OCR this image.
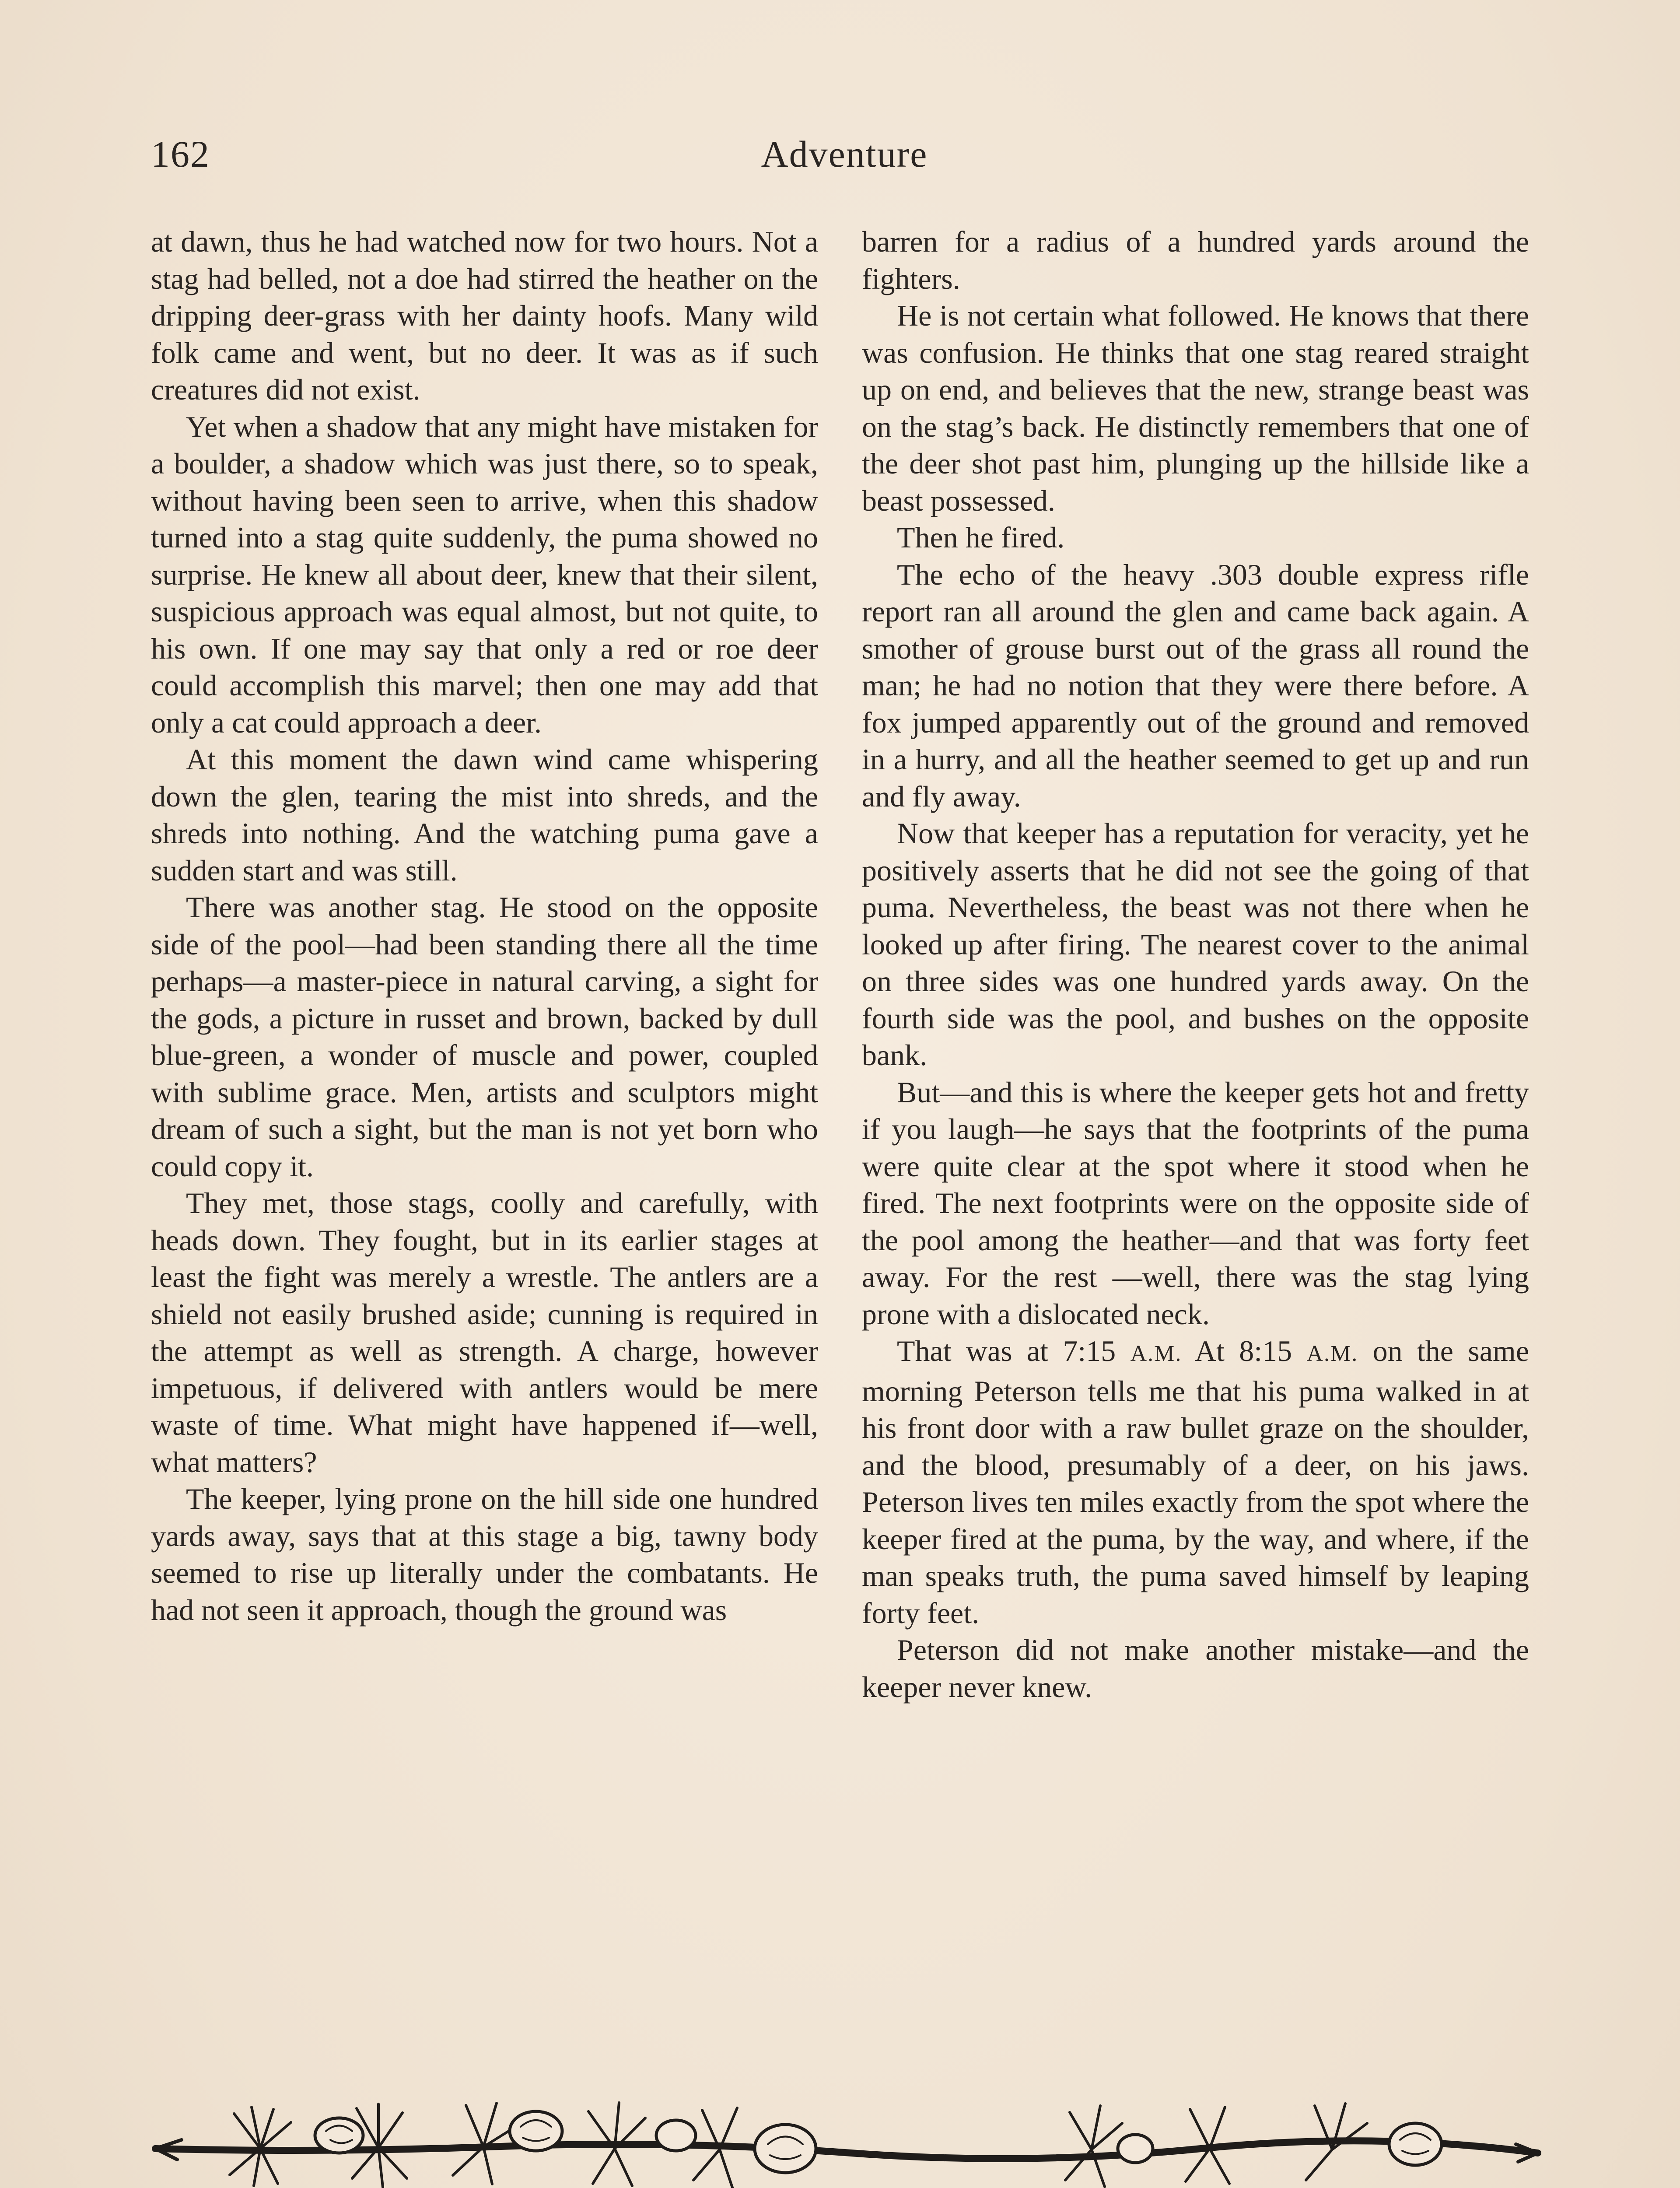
162	Adventure

at dawn, thus he had watched now for two hours. Not a stag had belled, not a doe had stirred the heather on the dripping deer-grass with her dainty hoofs. Many wild folk came and went, but no deer. It was as if such creatures did not exist.

Yet when a shadow that any might have mistaken for a boulder, a shadow which was just there, so to speak, without having been seen to arrive, when this shadow turned into a stag quite suddenly, the puma showed no surprise. He knew all about deer, knew that their silent, suspicious approach was equal almost, but not quite, to his own. If one may say that only a red or roe deer could accomplish this marvel; then one may add that only a cat could approach a deer.

At this moment the dawn wind came whispering down the glen, tearing the mist into shreds, and the shreds into nothing. And the watching puma gave a sudden start and was still.

There was another stag. He stood on the opposite side of the pool—had been standing there all the time perhaps—a master-piece in natural carving, a sight for the gods, a picture in russet and brown, backed by dull blue-green, a wonder of muscle and power, coupled with sublime grace. Men, artists and sculptors might dream of such a sight, but the man is not yet born who could copy it.

They met, those stags, coolly and carefully, with heads down. They fought, but in its earlier stages at least the fight was merely a wrestle. The antlers are a shield not easily brushed aside; cunning is required in the attempt as well as strength. A charge, however impetuous, if delivered with antlers would be mere waste of time. What might have happened if—well, what matters?

The keeper, lying prone on the hill side one hundred yards away, says that at this stage a big, tawny body seemed to rise up literally under the combatants. He had not seen it approach, though the ground was

barren for a radius of a hundred yards around the fighters.

He is not certain what followed. He knows that there was confusion. He thinks that one stag reared straight up on end, and believes that the new, strange beast was on the stag’s back. He distinctly remembers that one of the deer shot past him, plunging up the hillside like a beast possessed.

Then he fired.

The echo of the heavy .303 double express rifle report ran all around the glen and came back again. A smother of grouse burst out of the grass all round the man; he had no notion that they were there before. A fox jumped apparently out of the ground and removed in a hurry, and all the heather seemed to get up and run and fly away.

Now that keeper has a reputation for veracity, yet he positively asserts that he did not see the going of that puma. Nevertheless, the beast was not there when he looked up after firing. The nearest cover to the animal on three sides was one hundred yards away. On the fourth side was the pool, and bushes on the opposite bank.

But—and this is where the keeper gets hot and fretty if you laugh—he says that the footprints of the puma were quite clear at the spot where it stood when he fired. The next footprints were on the opposite side of the pool among the heather—and that was forty feet away. For the rest —well, there was the stag lying prone with a dislocated neck.

That was at 7:15 A.M. At 8:15 A.M. on the same morning Peterson tells me that his puma walked in at his front door with a raw bullet graze on the shoulder, and the blood, presumably of a deer, on his jaws. Peterson lives ten miles exactly from the spot where the keeper fired at the puma, by the way, and where, if the man speaks truth, the puma saved himself by leaping forty feet.

Peterson did not make another mistake—and the keeper never knew.
